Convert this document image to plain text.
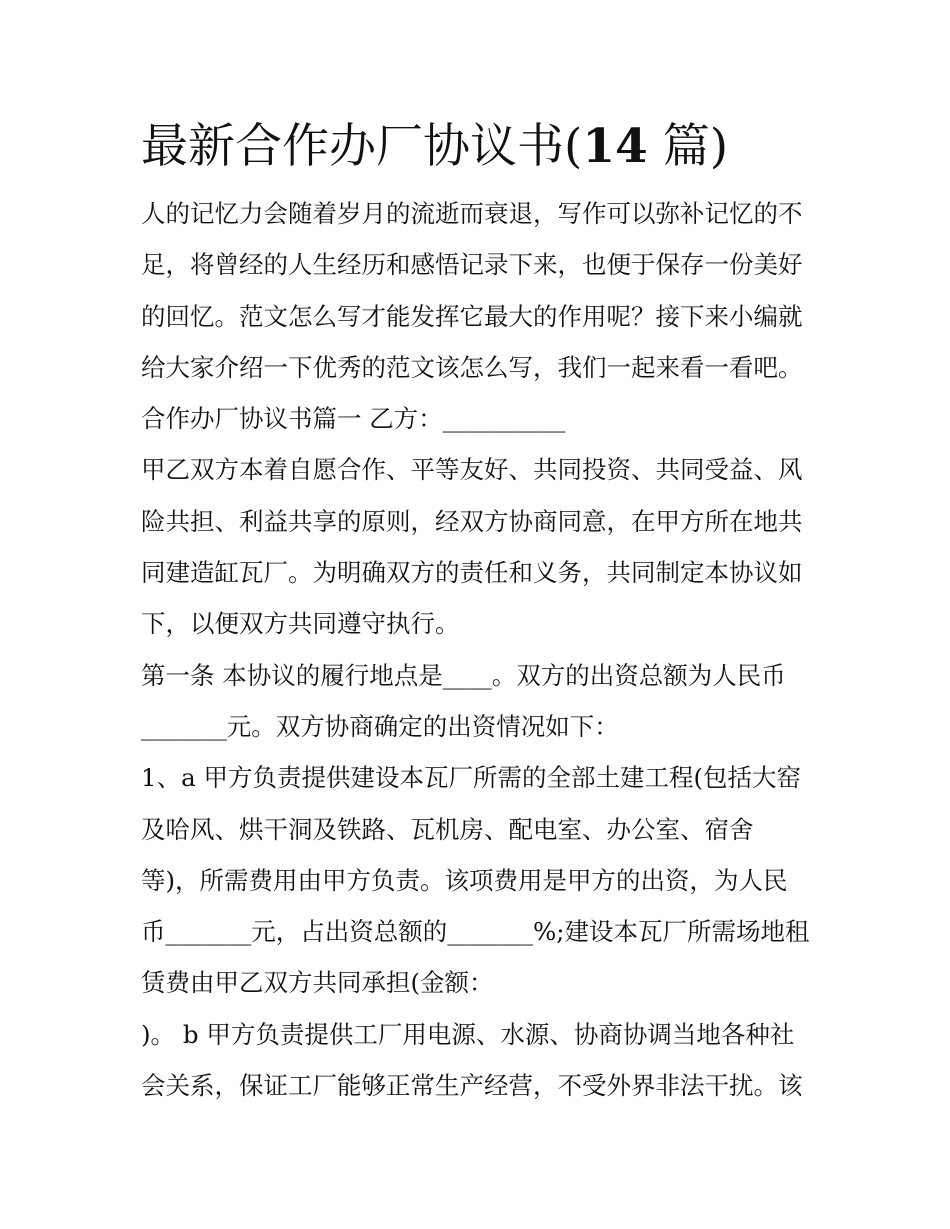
最新合作办厂协议书(14 篇)

人的记忆力会随着岁月的流逝而衰退，写作可以弥补记忆的不

足，将曾经的人生经历和感悟记录下来，也便于保存一份美好

的回忆。范文怎么写才能发挥它最大的作用呢？接下来小编就

给大家介绍一下优秀的范文该怎么写，我们一起来看一看吧。

合作办厂协议书篇一 乙方：__________

甲乙双方本着自愿合作、平等友好、共同投资、共同受益、风

险共担、利益共享的原则，经双方协商同意，在甲方所在地共

同建造缸瓦厂。为明确双方的责任和义务，共同制定本协议如

下，以便双方共同遵守执行。

第一条 本协议的履行地点是____。双方的出资总额为人民币

_______元。双方协商确定的出资情况如下：

1、a 甲方负责提供建设本瓦厂所需的全部土建工程(包括大窑

及哈风、烘干洞及铁路、瓦机房、配电室、办公室、宿舍

等)，所需费用由甲方负责。该项费用是甲方的出资，为人民

币_______元，占出资总额的_______%;建设本瓦厂所需场地租

赁费由甲乙双方共同承担(金额：

)。 b 甲方负责提供工厂用电源、水源、协商协调当地各种社

会关系，保证工厂能够正常生产经营，不受外界非法干扰。该
